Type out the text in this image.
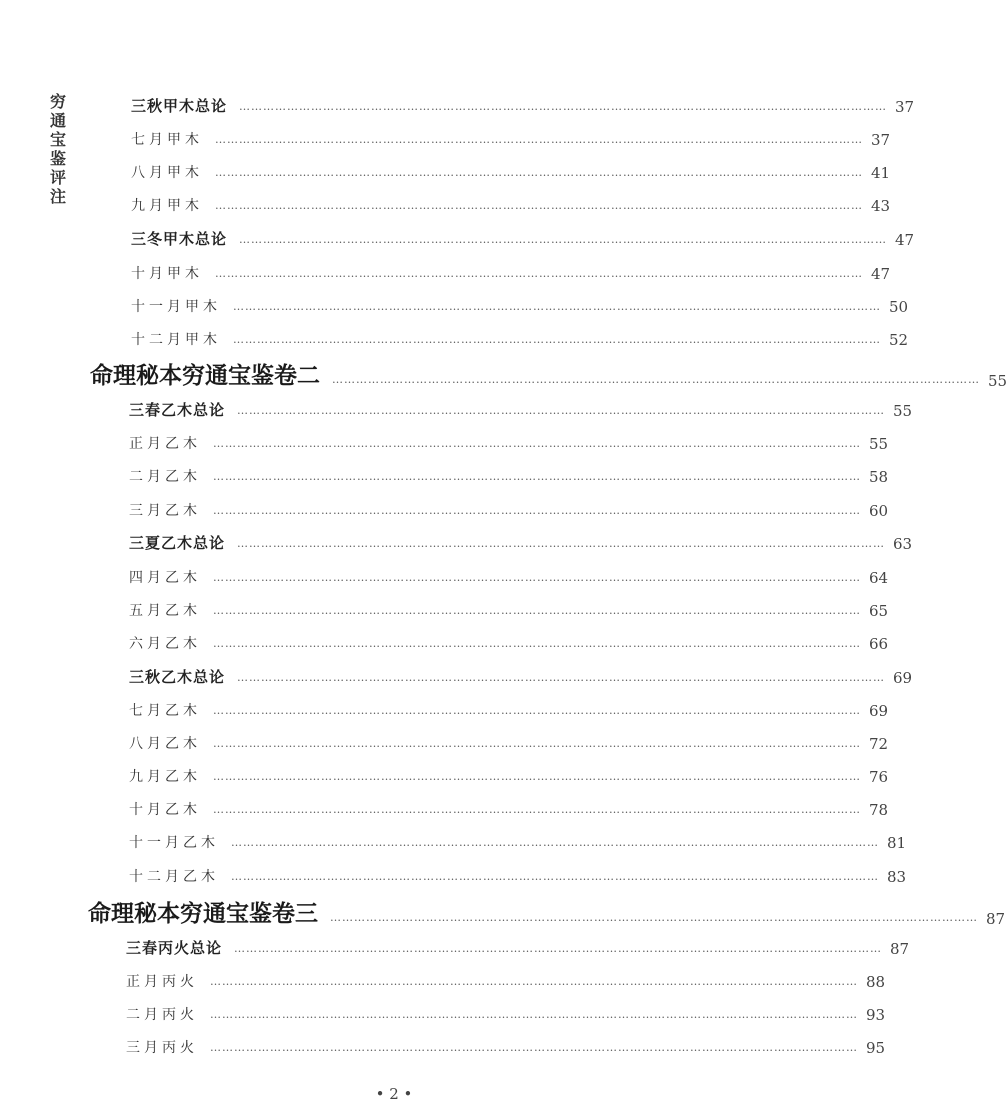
穷通宝鉴评注
三秋甲木总论 ……………………………………………………………………………………………………………………………………………… 37
七月甲木 ……………………………………………………………………………………………………………………………………………… 37
八月甲木 ……………………………………………………………………………………………………………………………………………… 41
九月甲木 ……………………………………………………………………………………………………………………………………………… 43
三冬甲木总论 ……………………………………………………………………………………………………………………………………………… 47
十月甲木 ……………………………………………………………………………………………………………………………………………… 47
十一月甲木 ……………………………………………………………………………………………………………………………………………… 50
十二月甲木 ……………………………………………………………………………………………………………………………………………… 52
命理秘本穷通宝鉴卷二 ……………………………………………………………………………………………………………………………………………… 55
三春乙木总论 ……………………………………………………………………………………………………………………………………………… 55
正月乙木 ……………………………………………………………………………………………………………………………………………… 55
二月乙木 ……………………………………………………………………………………………………………………………………………… 58
三月乙木 ……………………………………………………………………………………………………………………………………………… 60
三夏乙木总论 ……………………………………………………………………………………………………………………………………………… 63
四月乙木 ……………………………………………………………………………………………………………………………………………… 64
五月乙木 ……………………………………………………………………………………………………………………………………………… 65
六月乙木 ……………………………………………………………………………………………………………………………………………… 66
三秋乙木总论 ……………………………………………………………………………………………………………………………………………… 69
七月乙木 ……………………………………………………………………………………………………………………………………………… 69
八月乙木 ……………………………………………………………………………………………………………………………………………… 72
九月乙木 ……………………………………………………………………………………………………………………………………………… 76
十月乙木 ……………………………………………………………………………………………………………………………………………… 78
十一月乙木 ……………………………………………………………………………………………………………………………………………… 81
十二月乙木 ……………………………………………………………………………………………………………………………………………… 83
命理秘本穷通宝鉴卷三 ……………………………………………………………………………………………………………………………………………… 87
三春丙火总论 ……………………………………………………………………………………………………………………………………………… 87
正月丙火 ……………………………………………………………………………………………………………………………………………… 88
二月丙火 ……………………………………………………………………………………………………………………………………………… 93
三月丙火 ……………………………………………………………………………………………………………………………………………… 95
• 2 •
